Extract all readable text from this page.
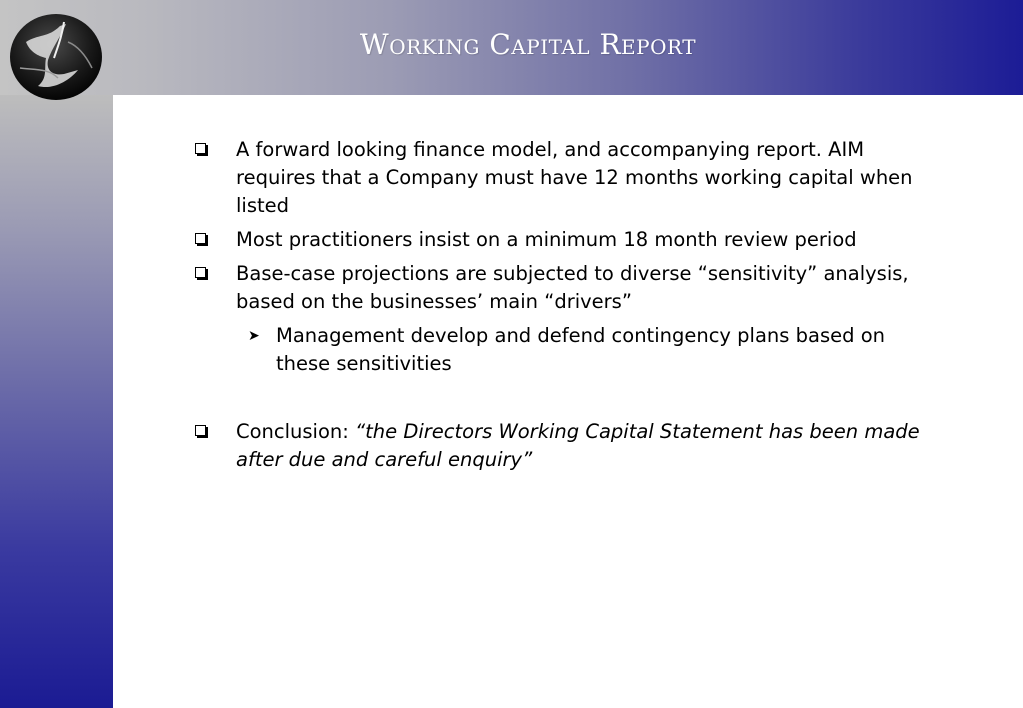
Working Capital Report
A forward looking finance model, and accompanying report. AIM requires that a Company must have 12 months working capital when listed
Most practitioners insist on a minimum 18 month review period
Base-case projections are subjected to diverse “sensitivity” analysis, based on the businesses’ main “drivers”
➤ Management develop and defend contingency plans based on these sensitivities
Conclusion: “the Directors Working Capital Statement has been made after due and careful enquiry”
